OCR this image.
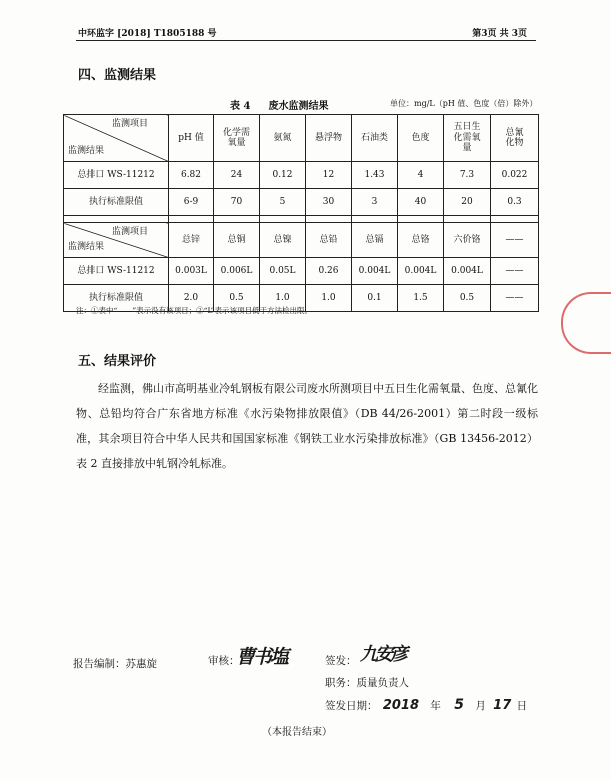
中环监字 [2018] T1805188 号	第3页 共 3页
四、监测结果
表 4 废水监测结果	单位：mg/L（pH 值、色度（倍）除外）
监测项目
监测结果	pH 值	化学需氧量	氨氮	悬浮物	石油类	色度	五日生化需氧量	总氰化物
总排口 WS-11212	6.82	24	0.12	12	1.43	4	7.3	0.022
执行标准限值	6-9	70	5	30	3	40	20	0.3

监测项目
监测结果	总锌	总铜	总镍	总铅	总镉	总铬	六价铬	——
总排口 WS-11212	0.003L	0.006L	0.05L	0.26	0.004L	0.004L	0.004L	——
执行标准限值	2.0	0.5	1.0	1.0	0.1	1.5	0.5	——
注：①表中“——”表示没有该项目；②“L”表示该项目低于方法检出限。
五、结果评价
经监测，佛山市高明基业冷轧钢板有限公司废水所测项目中五日生化需氧量、色度、总氰化物、总铅均符合广东省地方标准《水污染物排放限值》（DB 44/26-2001）第二时段一级标准，其余项目符合中华人民共和国国家标准《钢铁工业水污染排放标准》（GB 13456-2012）表 2 直接排放中轧钢冷轧标准。
报告编制：苏惠旋	审核：
曹书塩	签发： 九安彦
职务：质量负责人
签发日期： 2018 年 5 月 17 日
（本报告结束）
